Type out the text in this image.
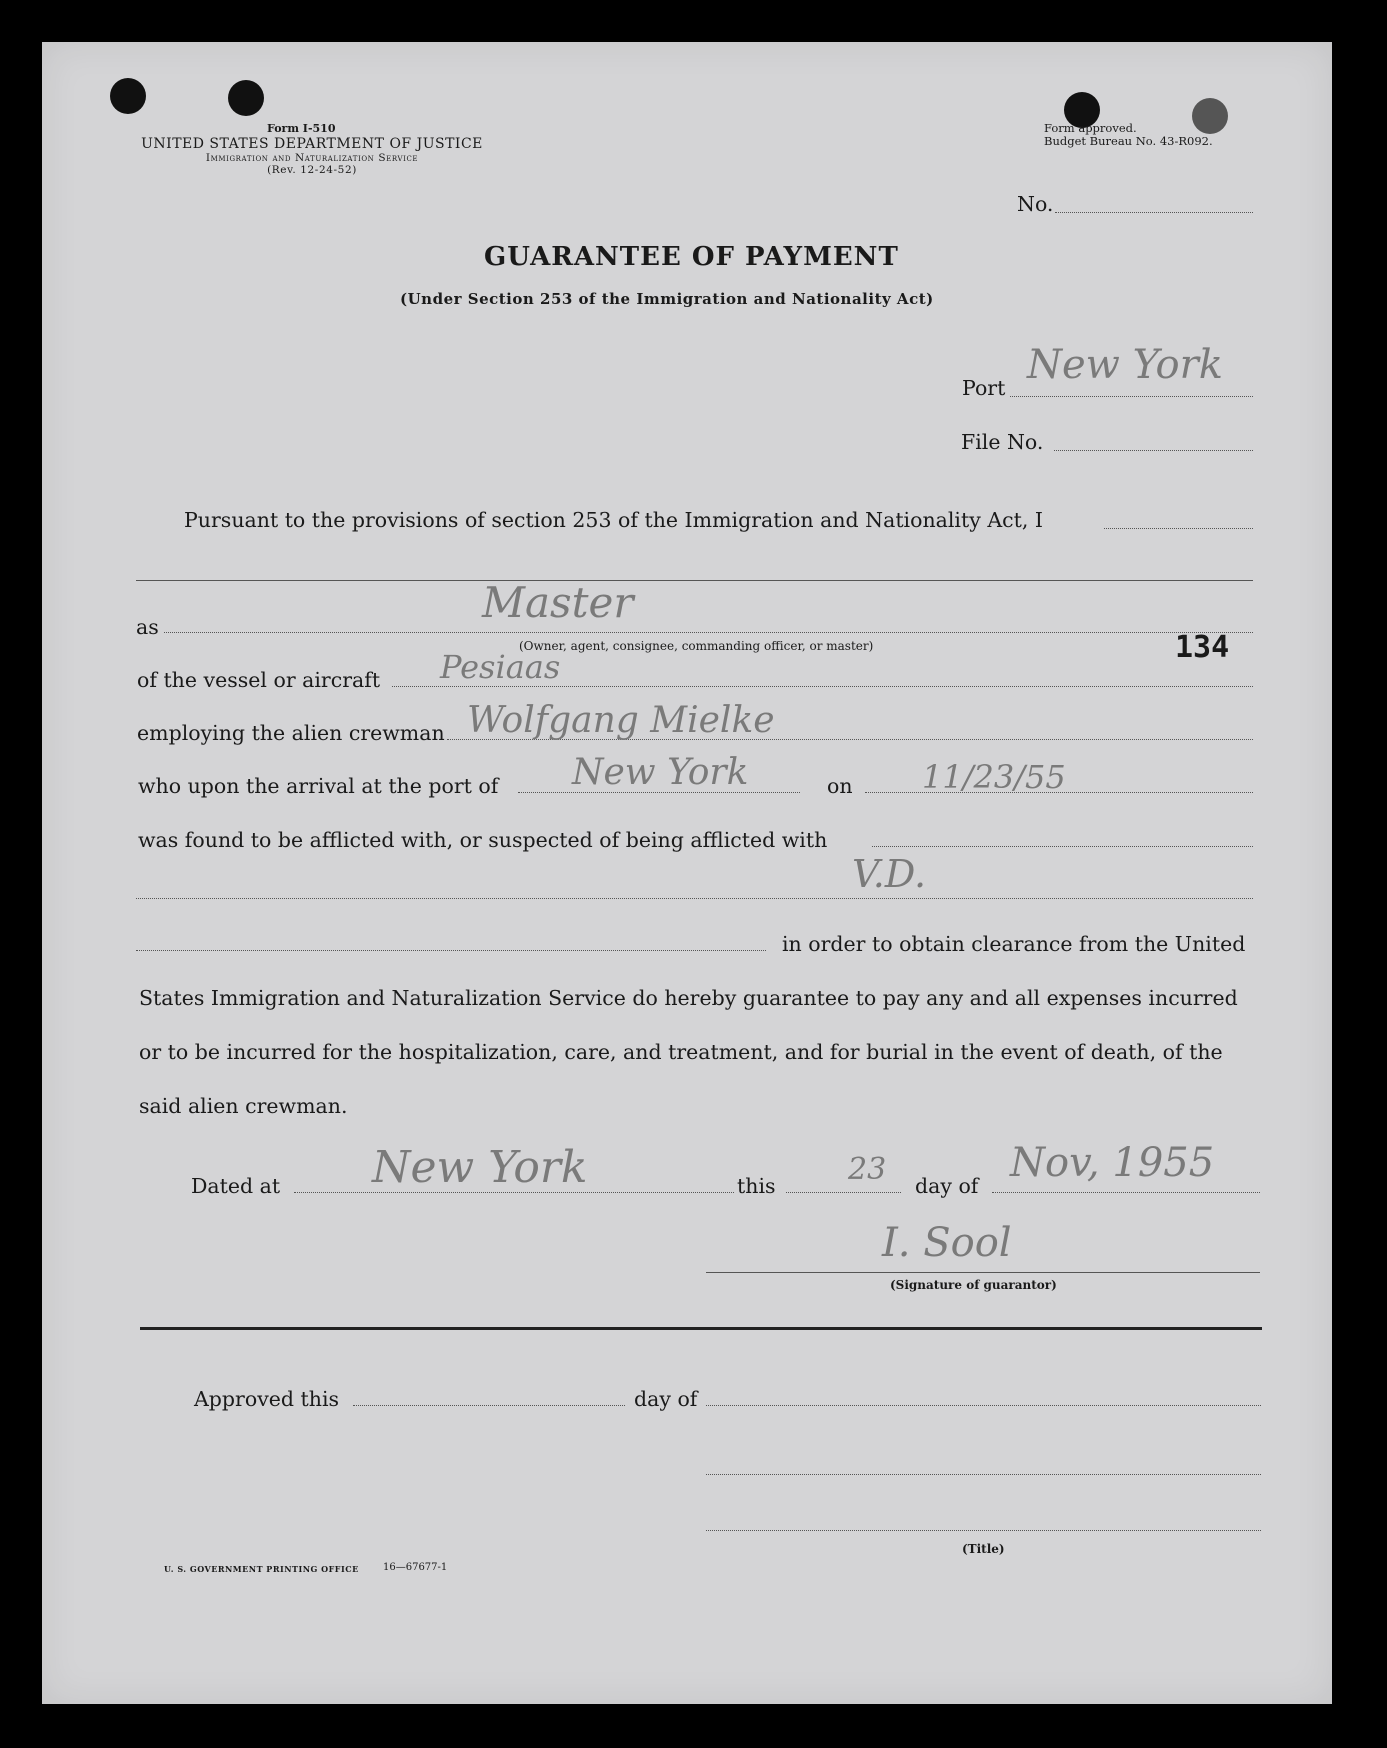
Form I-510
UNITED STATES DEPARTMENT OF JUSTICE
Immigration and Naturalization Service
(Rev. 12-24-52)
Form approved.
Budget Bureau No. 43-R092.
No.
GUARANTEE OF PAYMENT
(Under Section 253 of the Immigration and Nationality Act)
Port New York
File No.
Pursuant to the provisions of section 253 of the Immigration and Nationality Act, I
as	Master
(Owner, agent, consignee, commanding officer, or master)	134
of the vessel or aircraft Pesiaas
employing the alien crewman Wolfgang Mielke
who upon the arrival at the port of New York	on 11/23/55
was found to be afflicted with, or suspected of being afflicted with
V.D.
in order to obtain clearance from the United
States Immigration and Naturalization Service do hereby guarantee to pay any and all expenses incurred
or to be incurred for the hospitalization, care, and treatment, and for burial in the event of death, of the
said alien crewman.
Dated at New York	this 23 day of Nov, 1955
I. Sool
(Signature of guarantor)
Approved this	day of
(Title)
U. S. GOVERNMENT PRINTING OFFICE 16—67677-1
